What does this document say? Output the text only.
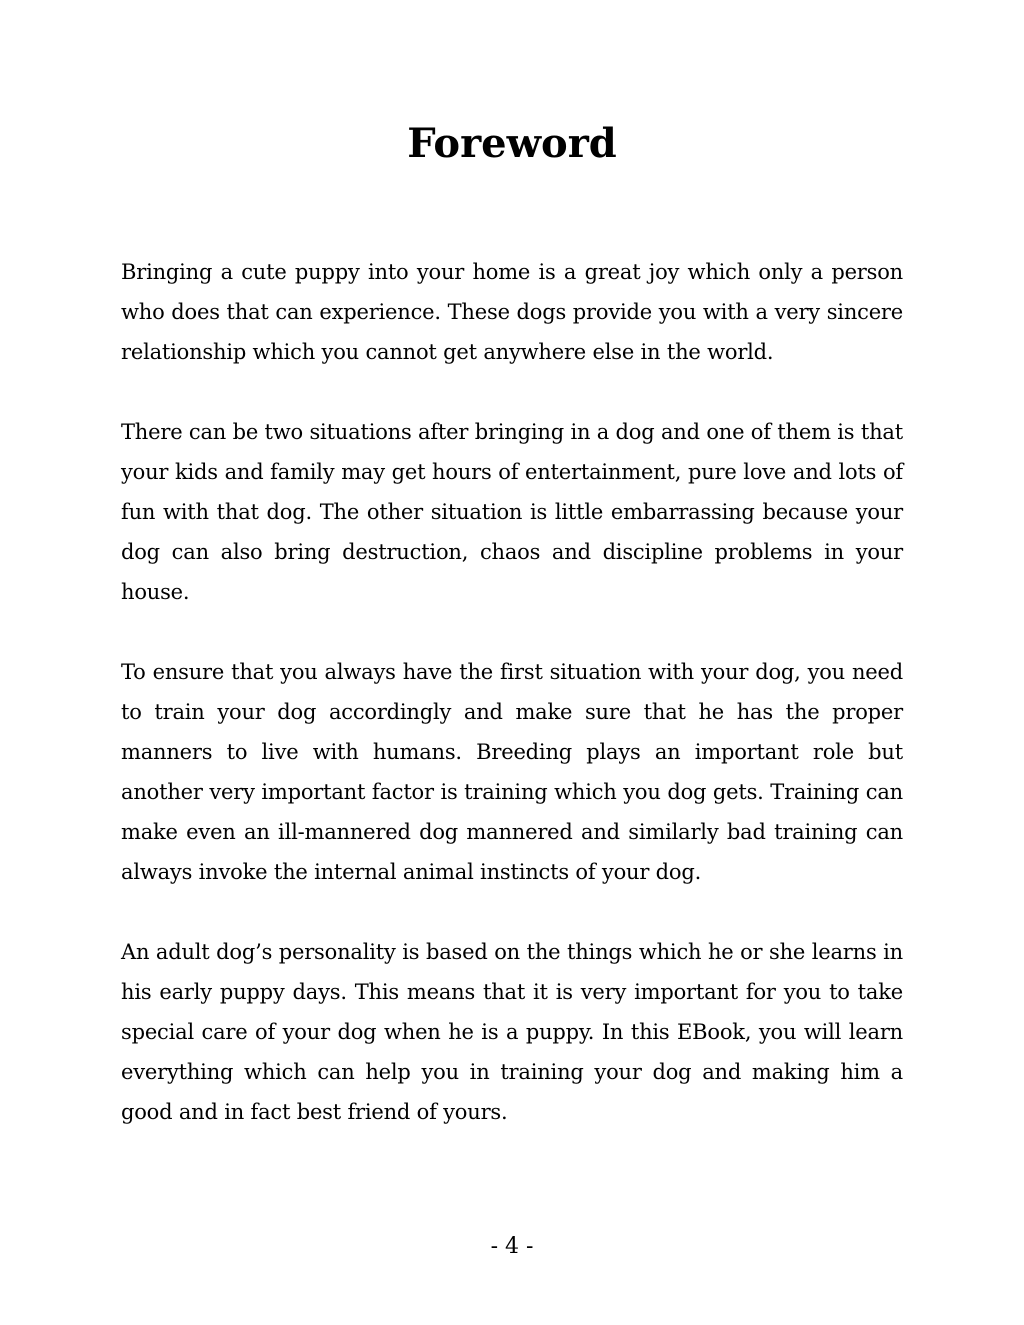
Foreword

Bringing a cute puppy into your home is a great joy which only a person who does that can experience. These dogs provide you with a very sincere relationship which you cannot get anywhere else in the world.

There can be two situations after bringing in a dog and one of them is that your kids and family may get hours of entertainment, pure love and lots of fun with that dog. The other situation is little embarrassing because your dog can also bring destruction, chaos and discipline problems in your house.

To ensure that you always have the first situation with your dog, you need to train your dog accordingly and make sure that he has the proper manners to live with humans. Breeding plays an important role but another very important factor is training which you dog gets. Training can make even an ill-mannered dog mannered and similarly bad training can always invoke the internal animal instincts of your dog.

An adult dog’s personality is based on the things which he or she learns in his early puppy days. This means that it is very important for you to take special care of your dog when he is a puppy. In this EBook, you will learn everything which can help you in training your dog and making him a good and in fact best friend of yours.

- 4 -
